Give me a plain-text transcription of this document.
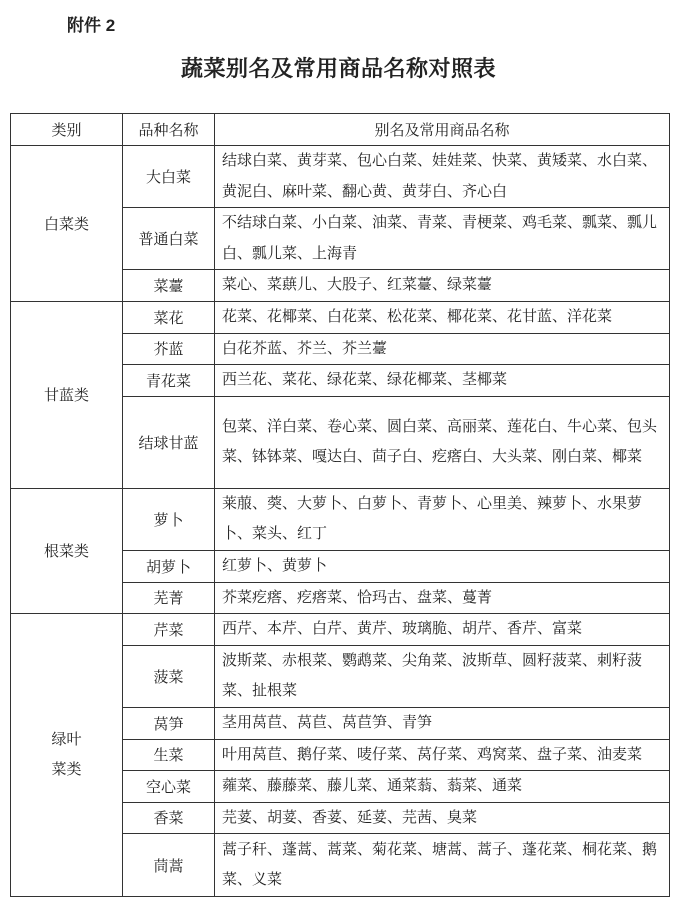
附件 2
蔬菜别名及常用商品名称对照表
类别	品种名称	别名及常用商品名称
白菜类	大白菜	结球白菜、黄芽菜、包心白菜、娃娃菜、快菜、黄矮菜、水白菜、黄泥白、麻叶菜、翻心黄、黄芽白、齐心白
	普通白菜	不结球白菜、小白菜、油菜、青菜、青梗菜、鸡毛菜、瓢菜、瓢儿白、瓢儿菜、上海青
	菜薹	菜心、菜蕻儿、大股子、红菜薹、绿菜薹
甘蓝类	菜花	花菜、花椰菜、白花菜、松花菜、椰花菜、花甘蓝、洋花菜
	芥蓝	白花芥蓝、芥兰、芥兰薹
	青花菜	西兰花、菜花、绿花菜、绿花椰菜、茎椰菜
	结球甘蓝	包菜、洋白菜、卷心菜、圆白菜、高丽菜、莲花白、牛心菜、包头菜、钵钵菜、嘎达白、茴子白、疙瘩白、大头菜、刚白菜、椰菜
根菜类	萝卜	莱菔、葖、大萝卜、白萝卜、青萝卜、心里美、辣萝卜、水果萝卜、菜头、红丁
	胡萝卜	红萝卜、黄萝卜
	芜菁	芥菜疙瘩、疙瘩菜、恰玛古、盘菜、蔓菁
绿叶
菜类	芹菜	西芹、本芹、白芹、黄芹、玻璃脆、胡芹、香芹、富菜
	菠菜	波斯菜、赤根菜、鹦鹉菜、尖角菜、波斯草、圆籽菠菜、刺籽菠菜、扯根菜
	莴笋	茎用莴苣、莴苣、莴苣笋、青笋
	生菜	叶用莴苣、鹅仔菜、唛仔菜、莴仔菜、鸡窝菜、盘子菜、油麦菜
	空心菜	蕹菜、藤藤菜、藤儿菜、通菜蓊、蓊菜、通菜
	香菜	芫荽、胡荽、香荽、延荽、芫茜、臭菜
	茼蒿	蒿子秆、蓬蒿、蒿菜、菊花菜、塘蒿、蒿子、蓬花菜、桐花菜、鹅菜、义菜
